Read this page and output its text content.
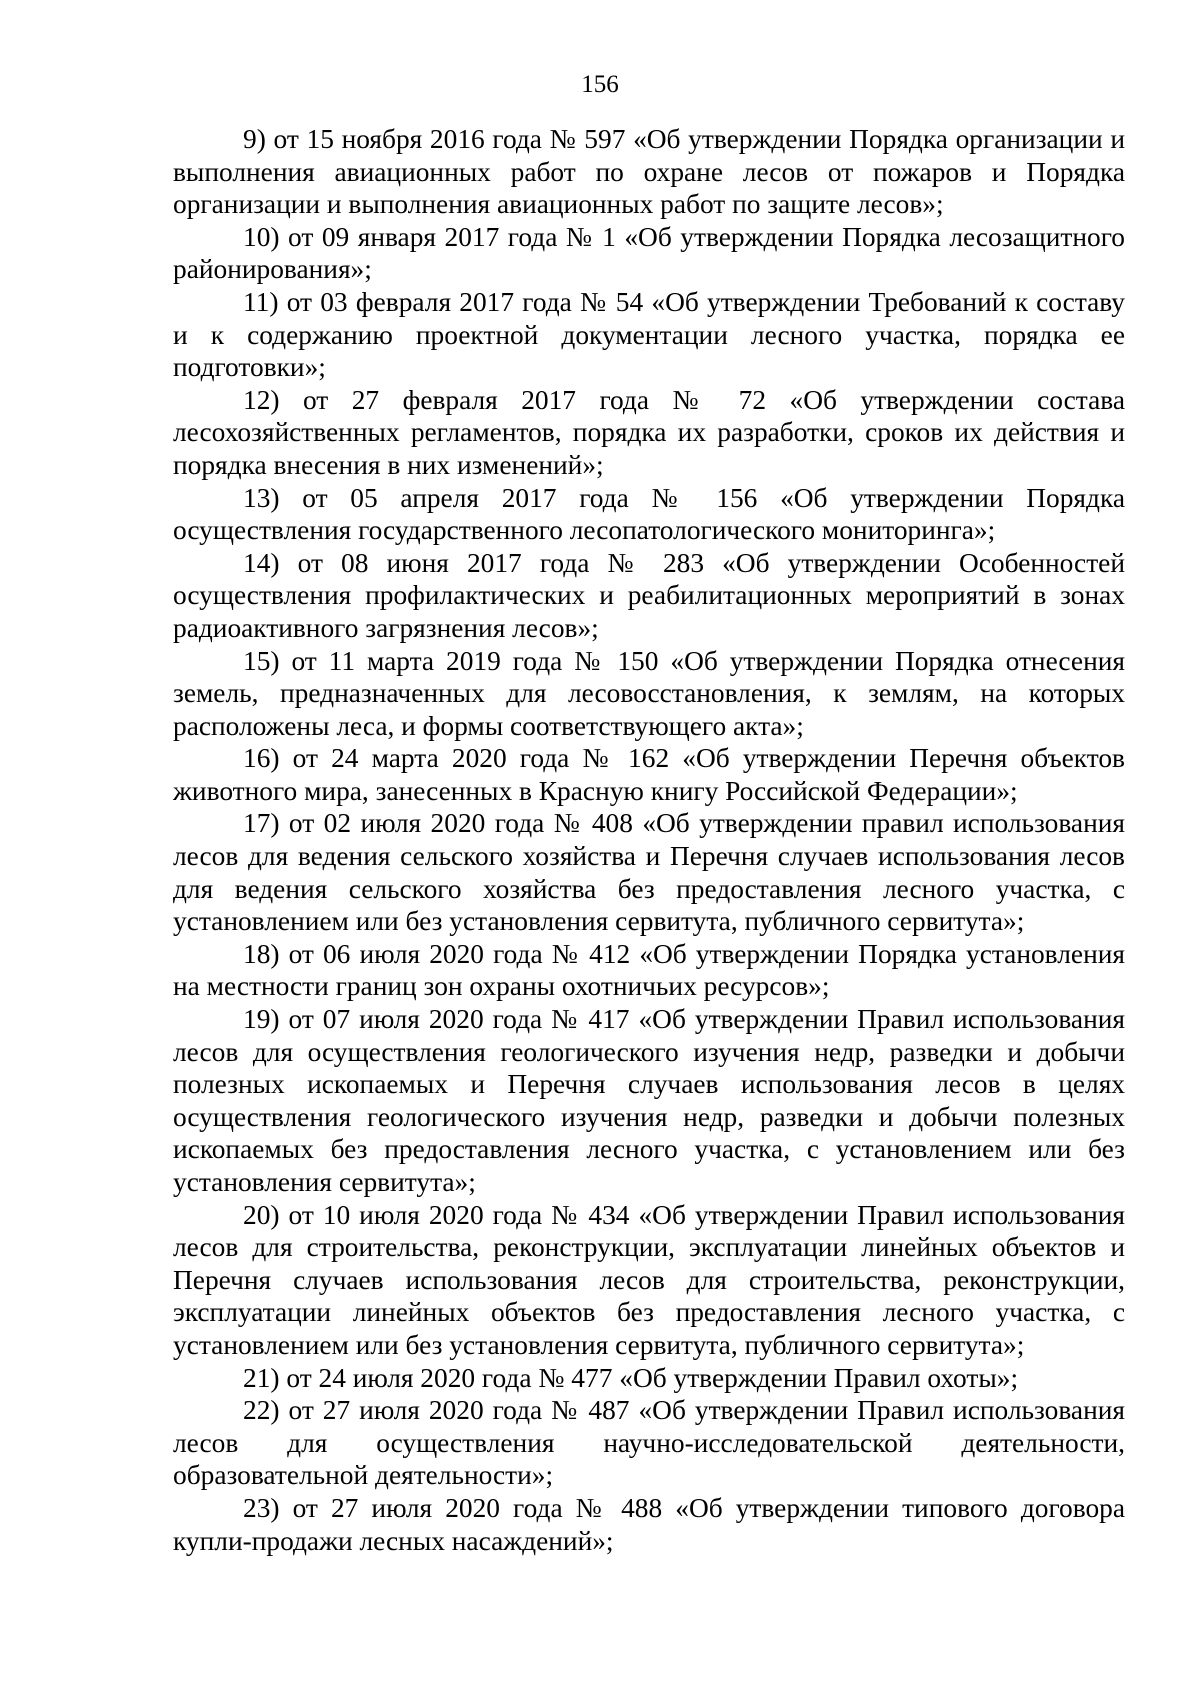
156

9) от 15 ноября 2016 года № 597 «Об утверждении Порядка организации и выполнения авиационных работ по охране лесов от пожаров и Порядка организации и выполнения авиационных работ по защите лесов»;

10) от 09 января 2017 года № 1 «Об утверждении Порядка лесозащитного районирования»;

11) от 03 февраля 2017 года № 54 «Об утверждении Требований к составу и к содержанию проектной документации лесного участка, порядка ее подготовки»;

12) от 27 февраля 2017 года № 72 «Об утверждении состава лесохозяйственных регламентов, порядка их разработки, сроков их действия и порядка внесения в них изменений»;

13) от 05 апреля 2017 года № 156 «Об утверждении Порядка осуществления государственного лесопатологического мониторинга»;

14) от 08 июня 2017 года № 283 «Об утверждении Особенностей осуществления профилактических и реабилитационных мероприятий в зонах радиоактивного загрязнения лесов»;

15) от 11 марта 2019 года № 150 «Об утверждении Порядка отнесения земель, предназначенных для лесовосстановления, к землям, на которых расположены леса, и формы соответствующего акта»;

16) от 24 марта 2020 года № 162 «Об утверждении Перечня объектов животного мира, занесенных в Красную книгу Российской Федерации»;

17) от 02 июля 2020 года № 408 «Об утверждении правил использования лесов для ведения сельского хозяйства и Перечня случаев использования лесов для ведения сельского хозяйства без предоставления лесного участка, с установлением или без установления сервитута, публичного сервитута»;

18) от 06 июля 2020 года № 412 «Об утверждении Порядка установления на местности границ зон охраны охотничьих ресурсов»;

19) от 07 июля 2020 года № 417 «Об утверждении Правил использования лесов для осуществления геологического изучения недр, разведки и добычи полезных ископаемых и Перечня случаев использования лесов в целях осуществления геологического изучения недр, разведки и добычи полезных ископаемых без предоставления лесного участка, с установлением или без установления сервитута»;

20) от 10 июля 2020 года № 434 «Об утверждении Правил использования лесов для строительства, реконструкции, эксплуатации линейных объектов и Перечня случаев использования лесов для строительства, реконструкции, эксплуатации линейных объектов без предоставления лесного участка, с установлением или без установления сервитута, публичного сервитута»;

21) от 24 июля 2020 года № 477 «Об утверждении Правил охоты»;

22) от 27 июля 2020 года № 487 «Об утверждении Правил использования лесов для осуществления научно-исследовательской деятельности, образовательной деятельности»;

23) от 27 июля 2020 года № 488 «Об утверждении типового договора купли-продажи лесных насаждений»;
